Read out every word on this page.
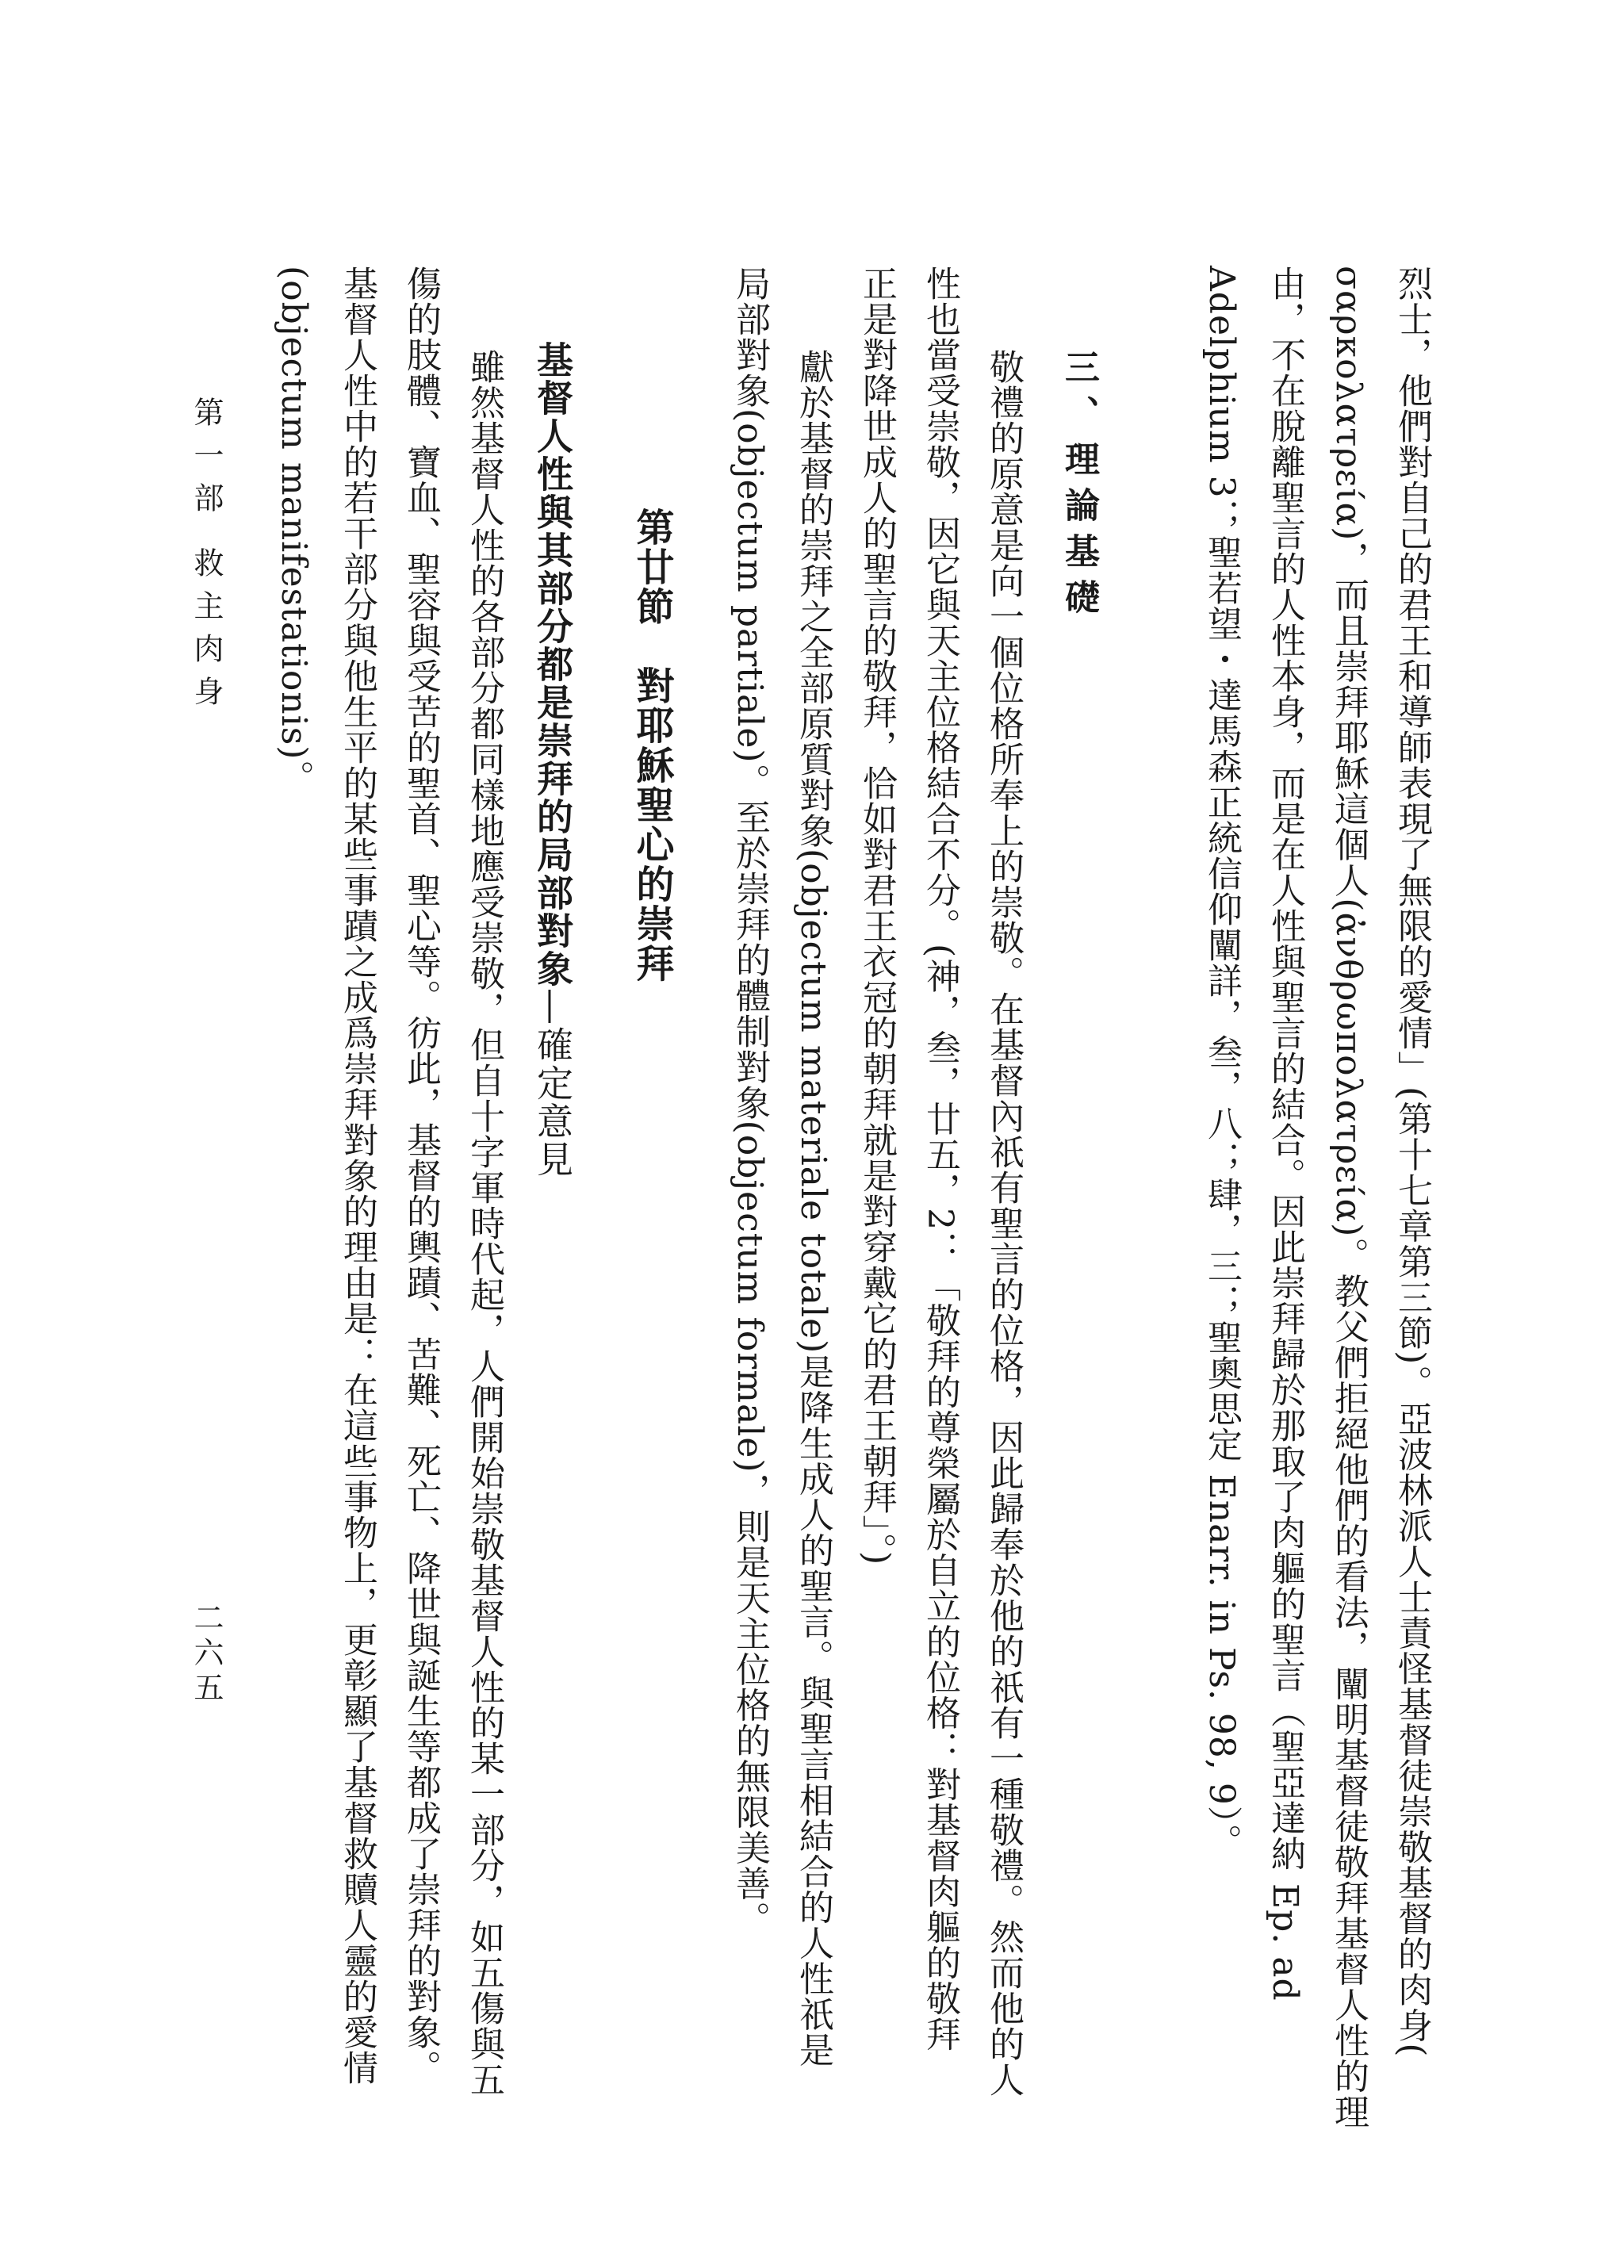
烈士，他們對自己的君王和導師表現了無限的愛情」(第十七章第三節)。亞波林派人士責怪基督徒崇敬基督的肉身(
σαρκολατρεία)，而且崇拜耶穌這個人(ἀνθρωπολατρεία)。教父們拒絕他們的看法，闡明基督徒敬拜基督人性的理
由，不在脫離聖言的人性本身，而是在人性與聖言的結合。因此崇拜歸於那取了肉軀的聖言（聖亞達納 Ep. ad
Adelphium 3；聖若望・達馬森正統信仰闡詳，叁，八；肆，三；聖奧思定 Enarr. in Ps. 98, 9）。
三、理論基礎
敬禮的原意是向一個位格所奉上的崇敬。在基督內祇有聖言的位格，因此歸奉於他的祇有一種敬禮。然而他的人
性也當受崇敬，因它與天主位格結合不分。(神，叁，廿五，2：「敬拜的尊榮屬於自立的位格：對基督肉軀的敬拜
正是對降世成人的聖言的敬拜，恰如對君王衣冠的朝拜就是對穿戴它的君王朝拜」。)
獻於基督的崇拜之全部原質對象(objectum materiale totale)是降生成人的聖言。與聖言相結合的人性祇是
局部對象(objectum partiale)。至於崇拜的體制對象(objectum formale)，則是天主位格的無限美善。
第廿節　對耶穌聖心的崇拜
基督人性與其部分都是崇拜的局部對象—確定意見
雖然基督人性的各部分都同樣地應受崇敬，但自十字軍時代起，人們開始崇敬基督人性的某一部分，如五傷與五
傷的肢體、寶血、聖容與受苦的聖首、聖心等。彷此，基督的輿蹟、苦難、死亡、降世與誕生等都成了崇拜的對象。
基督人性中的若干部分與他生平的某些事蹟之成爲崇拜對象的理由是：在這些事物上，更彰顯了基督救贖人靈的愛情
(objectum manifestationis)。
第一部 救主肉身
二六五
